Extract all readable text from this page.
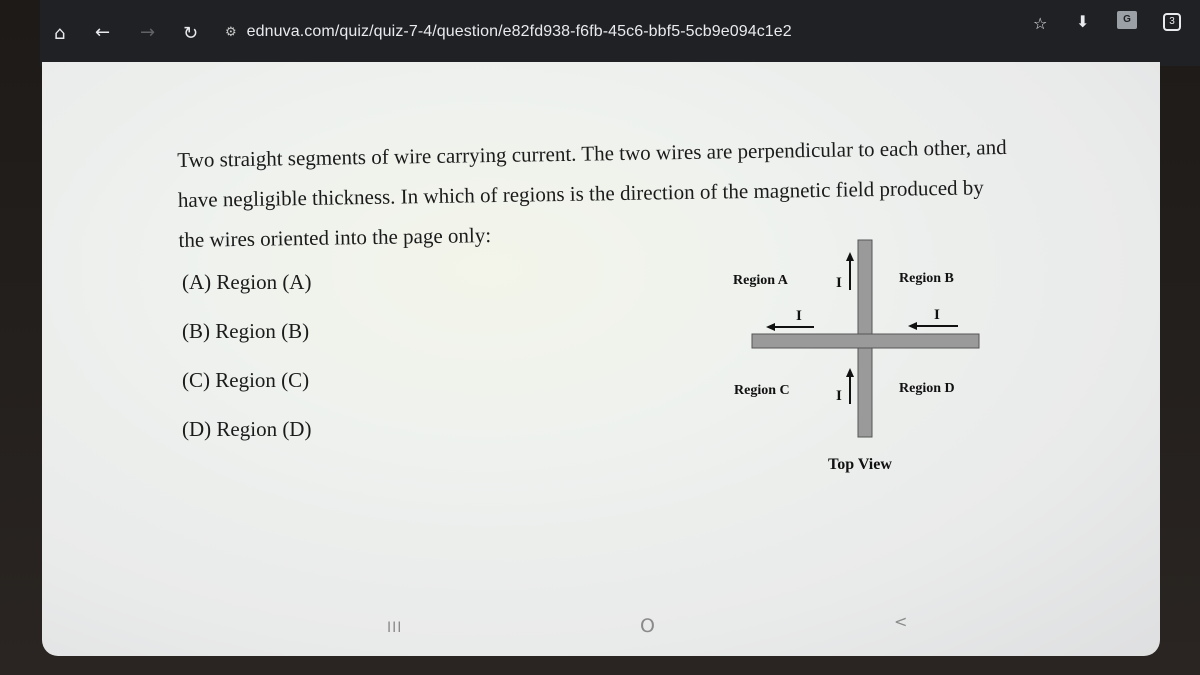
⌂ ← → ↻ ⚙ ednuva.com/quiz/quiz-7-4/question/e82fd938-f6fb-45c6-bbf5-5cb9e094c1e2	☆ ⬇	G	3
Two straight segments of wire carrying current. The two wires are perpendicular to each other, and have negligible thickness. In which of regions is the direction of the magnetic field produced by the wires oriented into the page only:
(A) Region (A)
(B) Region (B)
(C) Region (C)
(D) Region (D)
I
I
I	I
Region A	Region B
Region C	Region D
Top View
III	O	<
